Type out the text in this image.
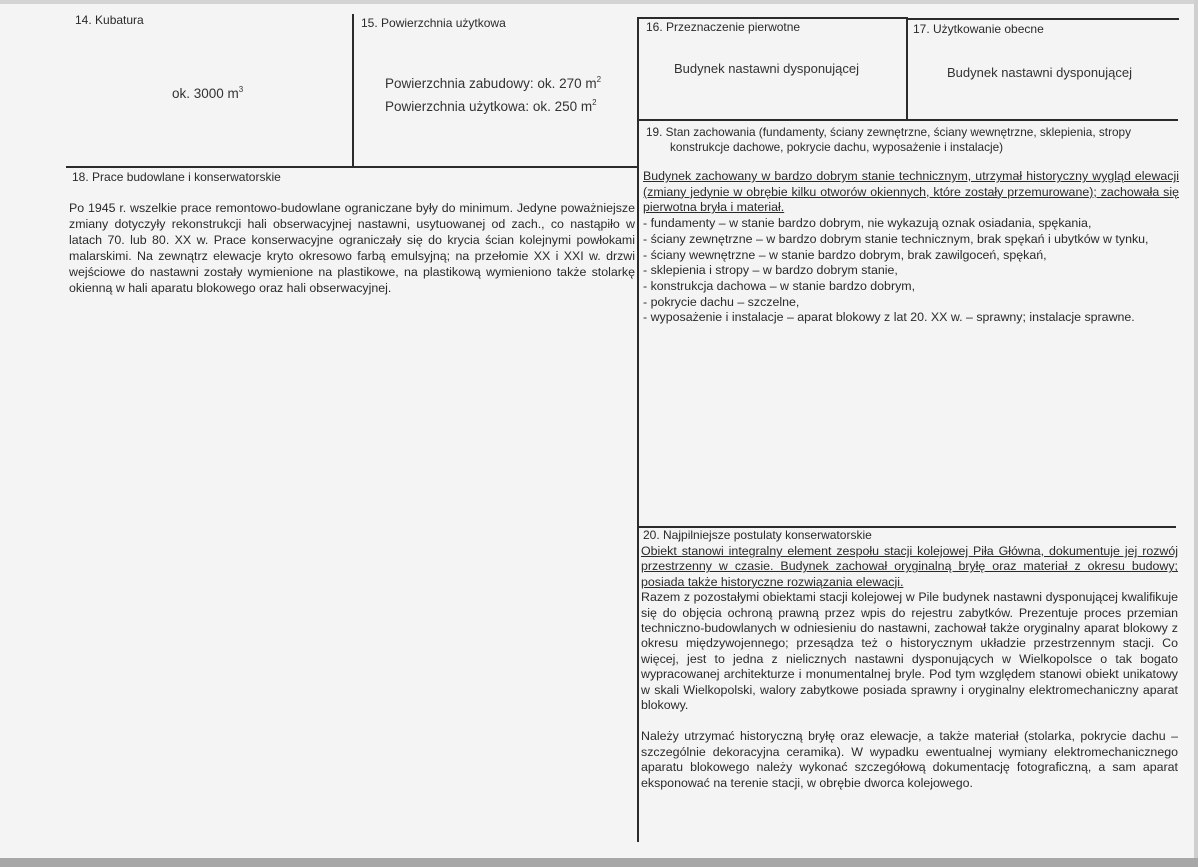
14. Kubatura
ok. 3000 $m^3$
15. Powierzchnia użytkowa
Powierzchnia zabudowy: ok. 270 $m^2$
Powierzchnia użytkowa: ok. 250 $m^2$
16. Przeznaczenie pierwotne
Budynek nastawni dysponującej
17. Użytkowanie obecne
Budynek nastawni dysponującej
19. Stan zachowania (fundamenty, ściany zewnętrzne, ściany wewnętrzne, sklepienia, stropy
konstrukcje dachowe, pokrycie dachu, wyposażenie i instalacje)
Budynek zachowany w bardzo dobrym stanie technicznym, utrzymał historyczny wygląd elewacji (zmiany jedynie w obrębie kilku otworów okiennych, które zostały przemurowane); zachowała się pierwotna bryła i materiał.
- fundamenty – w stanie bardzo dobrym, nie wykazują oznak osiadania, spękania,
- ściany zewnętrzne – w bardzo dobrym stanie technicznym, brak spękań i ubytków w tynku,
- ściany wewnętrzne – w stanie bardzo dobrym, brak zawilgoceń, spękań,
- sklepienia i stropy – w bardzo dobrym stanie,
- konstrukcja dachowa – w stanie bardzo dobrym,
- pokrycie dachu – szczelne,
- wyposażenie i instalacje – aparat blokowy z lat 20. XX w. – sprawny; instalacje sprawne.
18. Prace budowlane i konserwatorskie
Po 1945 r. wszelkie prace remontowo-budowlane ograniczane były do minimum. Jedyne poważniejsze zmiany dotyczyły rekonstrukcji hali obserwacyjnej nastawni, usytuowanej od zach., co nastąpiło w latach 70. lub 80. XX w. Prace konserwacyjne ograniczały się do krycia ścian kolejnymi powłokami malarskimi. Na zewnątrz elewacje kryto okresowo farbą emulsyjną; na przełomie XX i XXI w. drzwi wejściowe do nastawni zostały wymienione na plastikowe, na plastikową wymieniono także stolarkę okienną w hali aparatu blokowego oraz hali obserwacyjnej.
20. Najpilniejsze postulaty konserwatorskie
Obiekt stanowi integralny element zespołu stacji kolejowej Piła Główna, dokumentuje jej rozwój przestrzenny w czasie. Budynek zachował oryginalną bryłę oraz materiał z okresu budowy; posiada także historyczne rozwiązania elewacji.
Razem z pozostałymi obiektami stacji kolejowej w Pile budynek nastawni dysponującej kwalifikuje się do objęcia ochroną prawną przez wpis do rejestru zabytków. Prezentuje proces przemian techniczno-budowlanych w odniesieniu do nastawni, zachował także oryginalny aparat blokowy z okresu międzywojennego; przesądza też o historycznym układzie przestrzennym stacji. Co więcej, jest to jedna z nielicznych nastawni dysponujących w Wielkopolsce o tak bogato wypracowanej architekturze i monumentalnej bryle. Pod tym względem stanowi obiekt unikatowy w skali Wielkopolski, walory zabytkowe posiada sprawny i oryginalny elektromechaniczny aparat blokowy.
Należy utrzymać historyczną bryłę oraz elewacje, a także materiał (stolarka, pokrycie dachu – szczególnie dekoracyjna ceramika). W wypadku ewentualnej wymiany elektromechanicznego aparatu blokowego należy wykonać szczegółową dokumentację fotograficzną, a sam aparat eksponować na terenie stacji, w obrębie dworca kolejowego.
